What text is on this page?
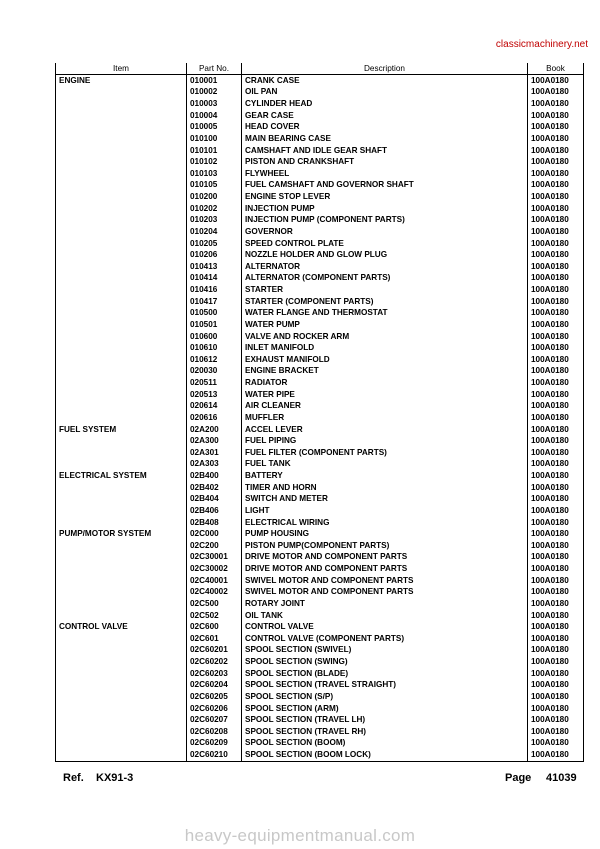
classicmachinery.net
Item	Part No.	Description	Book
ENGINE	010001	CRANK CASE	100A0180
	010002	OIL PAN	100A0180
	010003	CYLINDER HEAD	100A0180
	010004	GEAR CASE	100A0180
	010005	HEAD COVER	100A0180
	010100	MAIN BEARING CASE	100A0180
	010101	CAMSHAFT AND IDLE GEAR SHAFT	100A0180
	010102	PISTON AND CRANKSHAFT	100A0180
	010103	FLYWHEEL	100A0180
	010105	FUEL CAMSHAFT AND GOVERNOR SHAFT	100A0180
	010200	ENGINE STOP LEVER	100A0180
	010202	INJECTION PUMP	100A0180
	010203	INJECTION PUMP (COMPONENT PARTS)	100A0180
	010204	GOVERNOR	100A0180
	010205	SPEED CONTROL PLATE	100A0180
	010206	NOZZLE HOLDER AND GLOW PLUG	100A0180
	010413	ALTERNATOR	100A0180
	010414	ALTERNATOR (COMPONENT PARTS)	100A0180
	010416	STARTER	100A0180
	010417	STARTER (COMPONENT PARTS)	100A0180
	010500	WATER FLANGE AND THERMOSTAT	100A0180
	010501	WATER PUMP	100A0180
	010600	VALVE AND ROCKER ARM	100A0180
	010610	INLET MANIFOLD	100A0180
	010612	EXHAUST MANIFOLD	100A0180
	020030	ENGINE BRACKET	100A0180
	020511	RADIATOR	100A0180
	020513	WATER PIPE	100A0180
	020614	AIR CLEANER	100A0180
	020616	MUFFLER	100A0180
FUEL SYSTEM	02A200	ACCEL LEVER	100A0180
	02A300	FUEL PIPING	100A0180
	02A301	FUEL FILTER (COMPONENT PARTS)	100A0180
	02A303	FUEL TANK	100A0180
ELECTRICAL SYSTEM	02B400	BATTERY	100A0180
	02B402	TIMER AND HORN	100A0180
	02B404	SWITCH AND METER	100A0180
	02B406	LIGHT	100A0180
	02B408	ELECTRICAL WIRING	100A0180
PUMP/MOTOR SYSTEM	02C000	PUMP HOUSING	100A0180
	02C200	PISTON PUMP(COMPONENT PARTS)	100A0180
	02C30001	DRIVE MOTOR AND COMPONENT PARTS	100A0180
	02C30002	DRIVE MOTOR AND COMPONENT PARTS	100A0180
	02C40001	SWIVEL MOTOR AND COMPONENT PARTS	100A0180
	02C40002	SWIVEL MOTOR AND COMPONENT PARTS	100A0180
	02C500	ROTARY JOINT	100A0180
	02C502	OIL TANK	100A0180
CONTROL VALVE	02C600	CONTROL VALVE	100A0180
	02C601	CONTROL VALVE (COMPONENT PARTS)	100A0180
	02C60201	SPOOL SECTION (SWIVEL)	100A0180
	02C60202	SPOOL SECTION (SWING)	100A0180
	02C60203	SPOOL SECTION (BLADE)	100A0180
	02C60204	SPOOL SECTION (TRAVEL STRAIGHT)	100A0180
	02C60205	SPOOL SECTION (S/P)	100A0180
	02C60206	SPOOL SECTION (ARM)	100A0180
	02C60207	SPOOL SECTION (TRAVEL LH)	100A0180
	02C60208	SPOOL SECTION (TRAVEL RH)	100A0180
	02C60209	SPOOL SECTION (BOOM)	100A0180
	02C60210	SPOOL SECTION (BOOM LOCK)	100A0180
Ref. KX91-3	Page 41039
heavy-equipmentmanual.com
